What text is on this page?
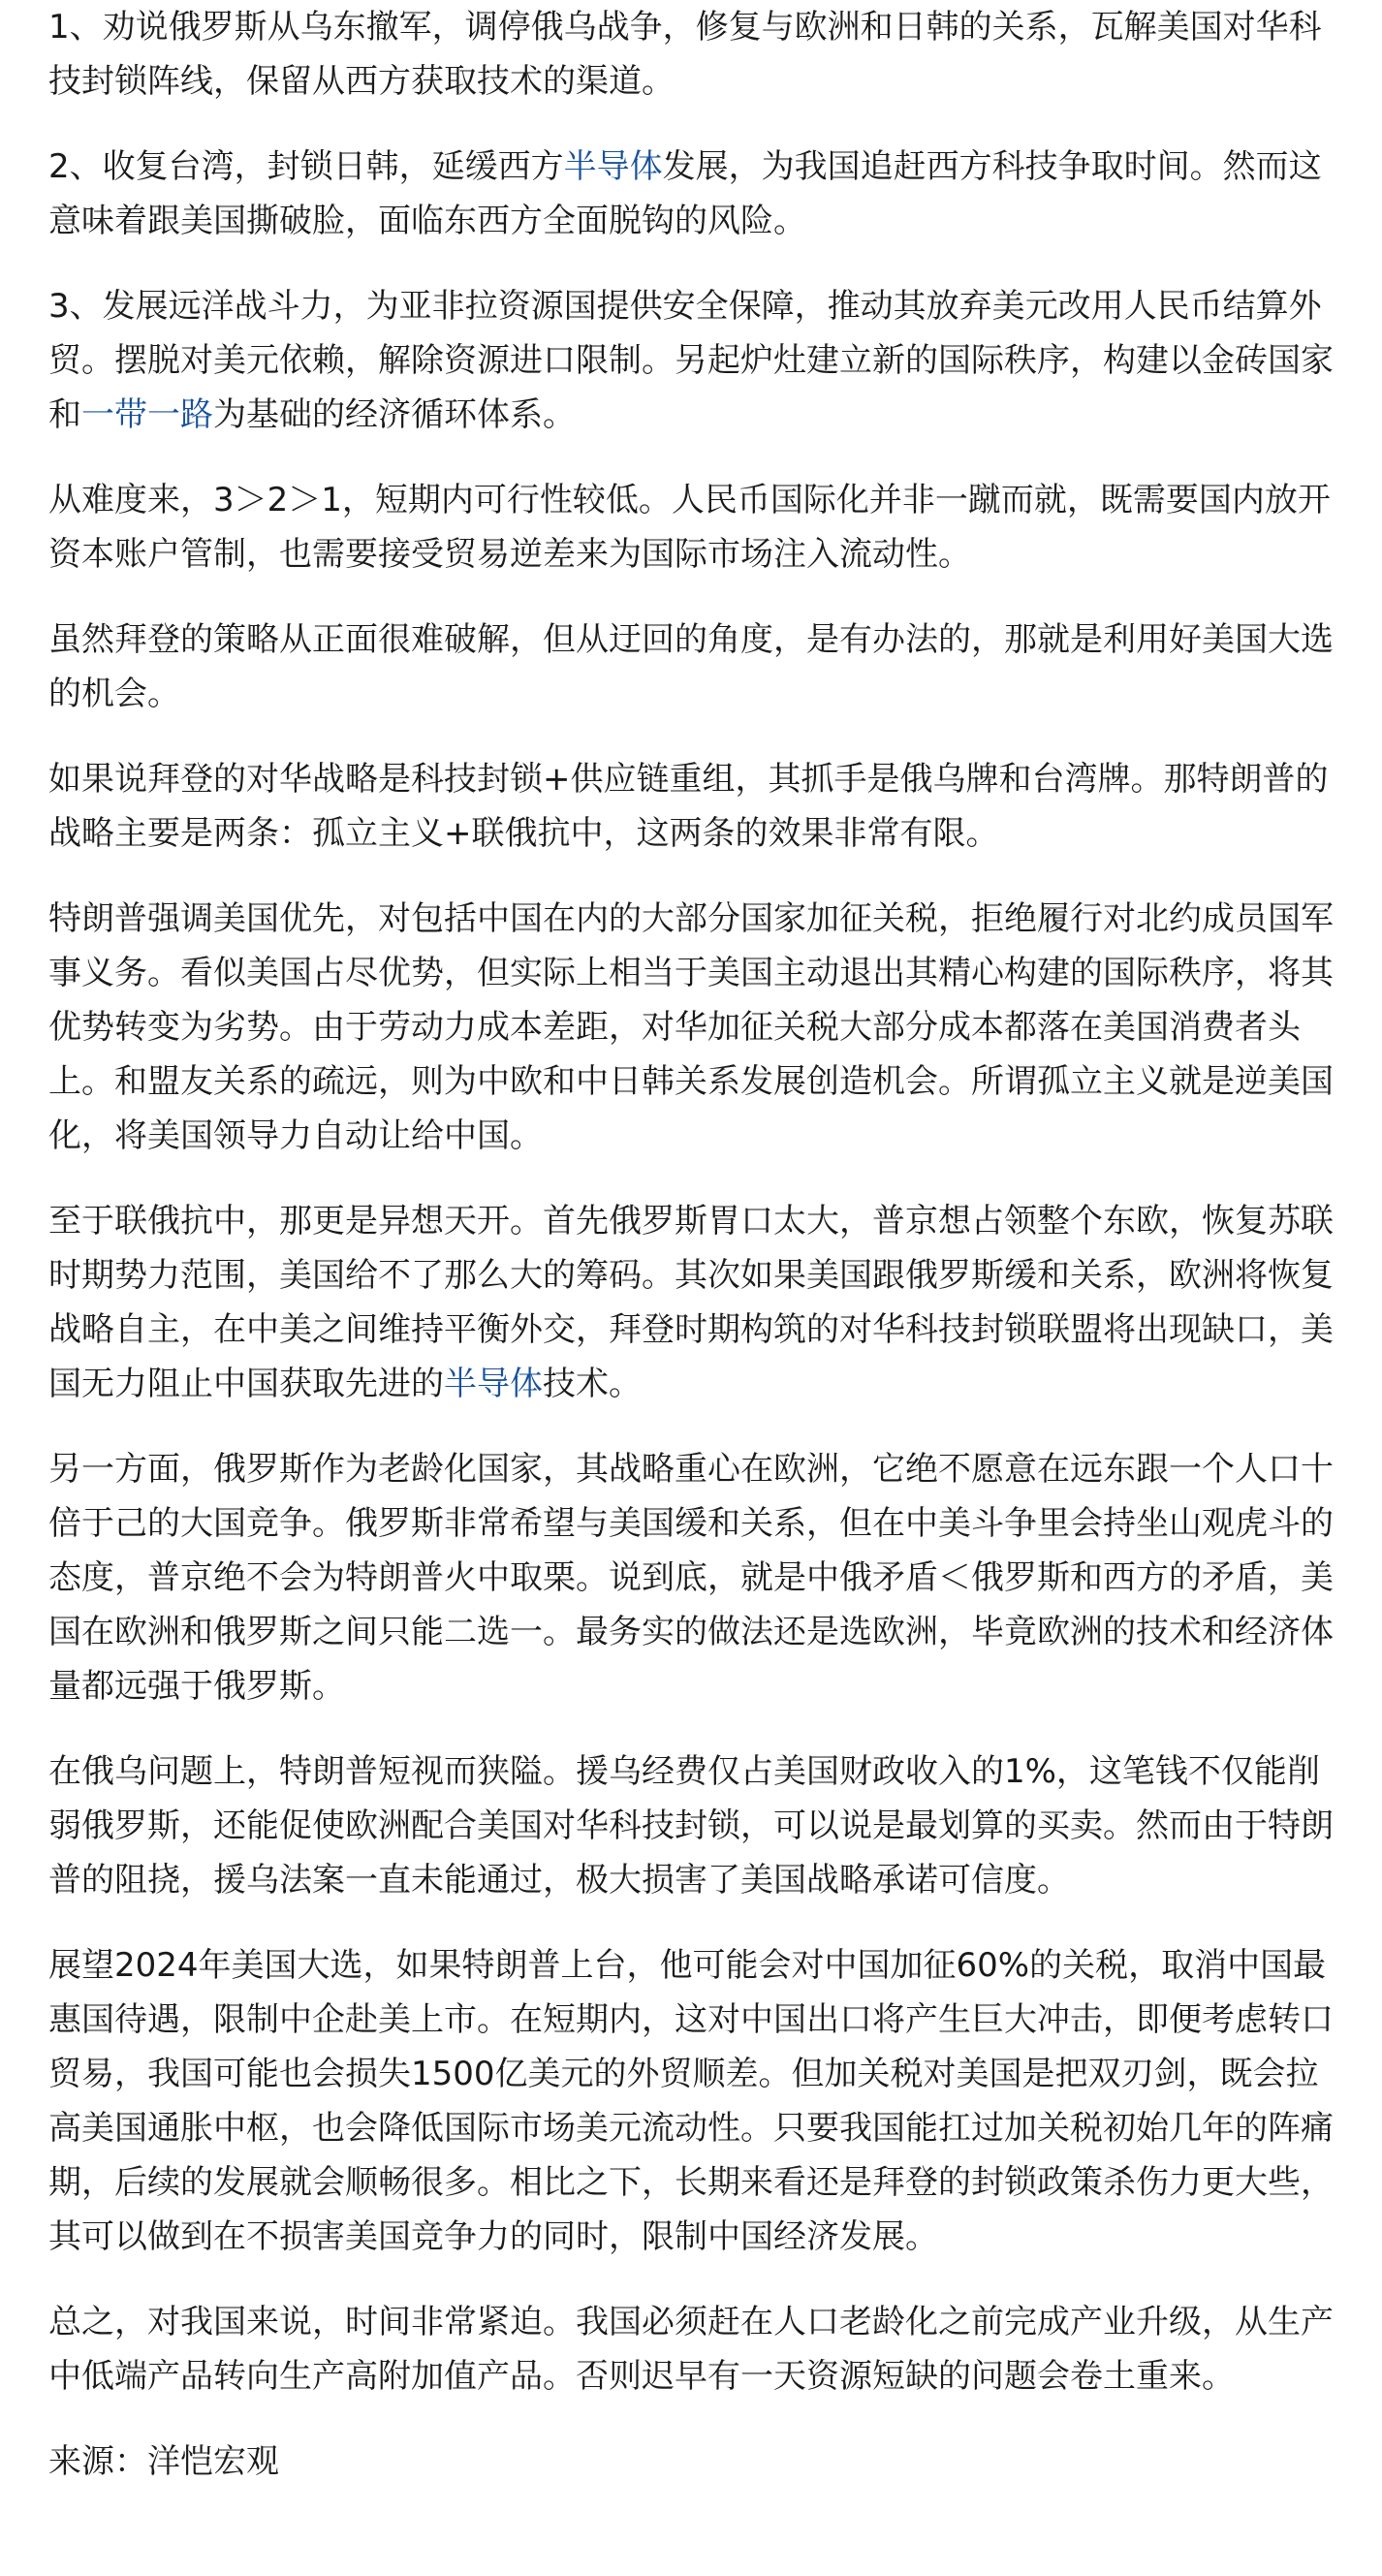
1、劝说俄罗斯从乌东撤军，调停俄乌战争，修复与欧洲和日韩的关系，瓦解美国对华科技封锁阵线，保留从西方获取技术的渠道。

2、收复台湾，封锁日韩，延缓西方半导体发展，为我国追赶西方科技争取时间。然而这意味着跟美国撕破脸，面临东西方全面脱钩的风险。

3、发展远洋战斗力，为亚非拉资源国提供安全保障，推动其放弃美元改用人民币结算外贸。摆脱对美元依赖，解除资源进口限制。另起炉灶建立新的国际秩序，构建以金砖国家和一带一路为基础的经济循环体系。

从难度来，3＞2＞1，短期内可行性较低。人民币国际化并非一蹴而就，既需要国内放开资本账户管制，也需要接受贸易逆差来为国际市场注入流动性。

虽然拜登的策略从正面很难破解，但从迂回的角度，是有办法的，那就是利用好美国大选的机会。

如果说拜登的对华战略是科技封锁+供应链重组，其抓手是俄乌牌和台湾牌。那特朗普的战略主要是两条：孤立主义+联俄抗中，这两条的效果非常有限。

特朗普强调美国优先，对包括中国在内的大部分国家加征关税，拒绝履行对北约成员国军事义务。看似美国占尽优势，但实际上相当于美国主动退出其精心构建的国际秩序，将其优势转变为劣势。由于劳动力成本差距，对华加征关税大部分成本都落在美国消费者头上。和盟友关系的疏远，则为中欧和中日韩关系发展创造机会。所谓孤立主义就是逆美国化，将美国领导力自动让给中国。

至于联俄抗中，那更是异想天开。首先俄罗斯胃口太大，普京想占领整个东欧，恢复苏联时期势力范围，美国给不了那么大的筹码。其次如果美国跟俄罗斯缓和关系，欧洲将恢复战略自主，在中美之间维持平衡外交，拜登时期构筑的对华科技封锁联盟将出现缺口，美国无力阻止中国获取先进的半导体技术。

另一方面，俄罗斯作为老龄化国家，其战略重心在欧洲，它绝不愿意在远东跟一个人口十倍于己的大国竞争。俄罗斯非常希望与美国缓和关系，但在中美斗争里会持坐山观虎斗的态度，普京绝不会为特朗普火中取栗。说到底，就是中俄矛盾＜俄罗斯和西方的矛盾，美国在欧洲和俄罗斯之间只能二选一。最务实的做法还是选欧洲，毕竟欧洲的技术和经济体量都远强于俄罗斯。

在俄乌问题上，特朗普短视而狭隘。援乌经费仅占美国财政收入的1%，这笔钱不仅能削弱俄罗斯，还能促使欧洲配合美国对华科技封锁，可以说是最划算的买卖。然而由于特朗普的阻挠，援乌法案一直未能通过，极大损害了美国战略承诺可信度。

展望2024年美国大选，如果特朗普上台，他可能会对中国加征60%的关税，取消中国最惠国待遇，限制中企赴美上市。在短期内，这对中国出口将产生巨大冲击，即便考虑转口贸易，我国可能也会损失1500亿美元的外贸顺差。但加关税对美国是把双刃剑，既会拉高美国通胀中枢，也会降低国际市场美元流动性。只要我国能扛过加关税初始几年的阵痛期，后续的发展就会顺畅很多。相比之下，长期来看还是拜登的封锁政策杀伤力更大些，其可以做到在不损害美国竞争力的同时，限制中国经济发展。

总之，对我国来说，时间非常紧迫。我国必须赶在人口老龄化之前完成产业升级，从生产中低端产品转向生产高附加值产品。否则迟早有一天资源短缺的问题会卷土重来。

来源：洋恺宏观
